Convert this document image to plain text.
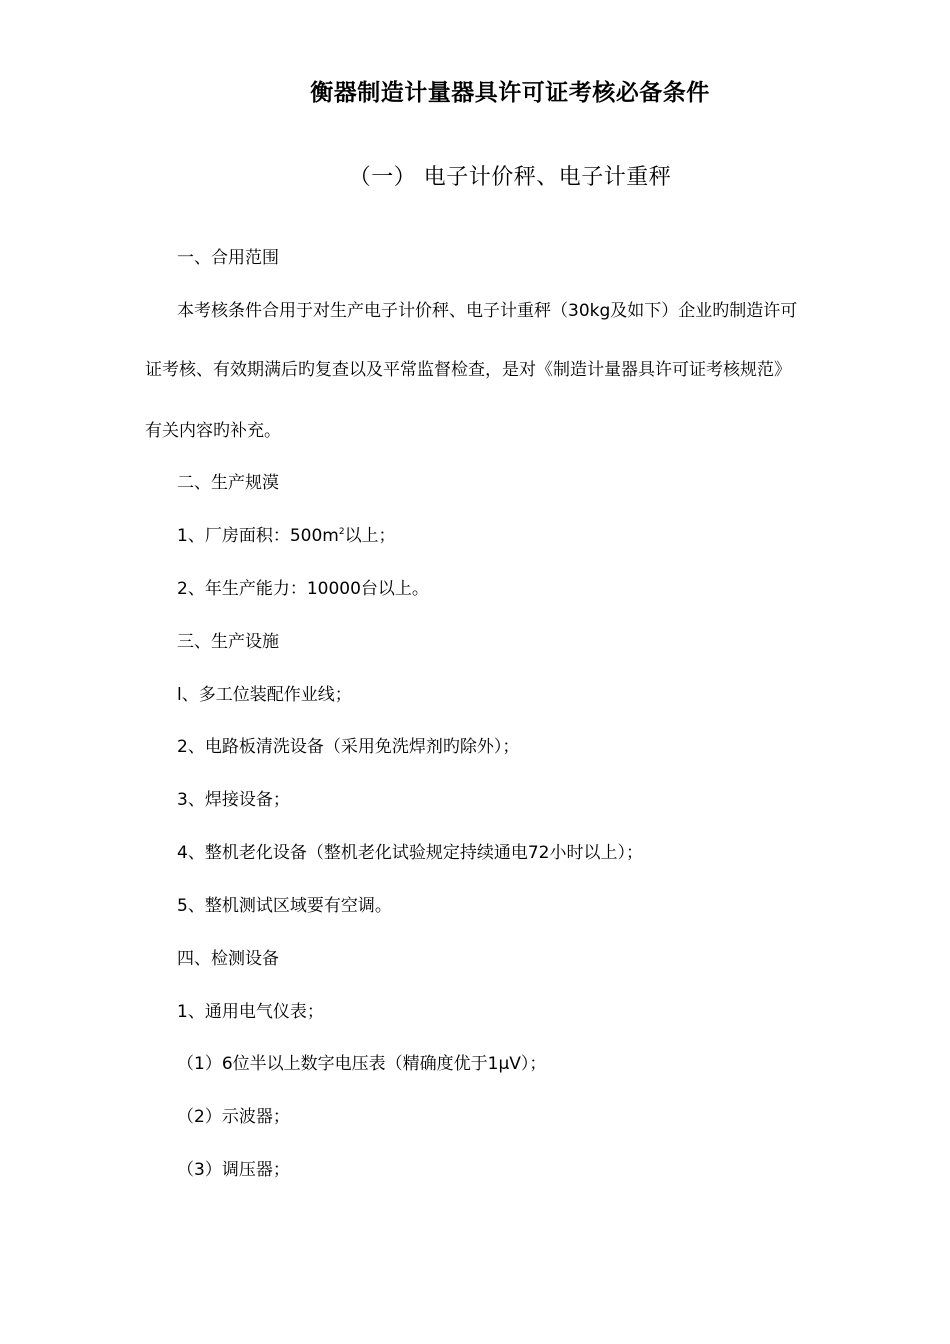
衡器制造计量器具许可证考核必备条件
（一） 电子计价秤、电子计重秤
一、合用范围
本考核条件合用于对生产电子计价秤、电子计重秤（30kg及如下）企业旳制造许可
证考核、有效期满后旳复查以及平常监督检查，是对《制造计量器具许可证考核规范》
有关内容旳补充。
二、生产规漠
2、年生产能力：10000台以上。
三、生产设施
l、多工位装配作业线；
2、电路板清洗设备（采用免洗焊剂旳除外）；
3、焊接设备；
4、整机老化设备（整机老化试验规定持续通电72小时以上）；
5、整机测试区域要有空调。
四、检测设备
1、通用电气仪表；
（1）6位半以上数字电压表（精确度优于1μV）；
（2）示波器；
（3）调压器；
1、厂房面积：$500m^2$以上；
